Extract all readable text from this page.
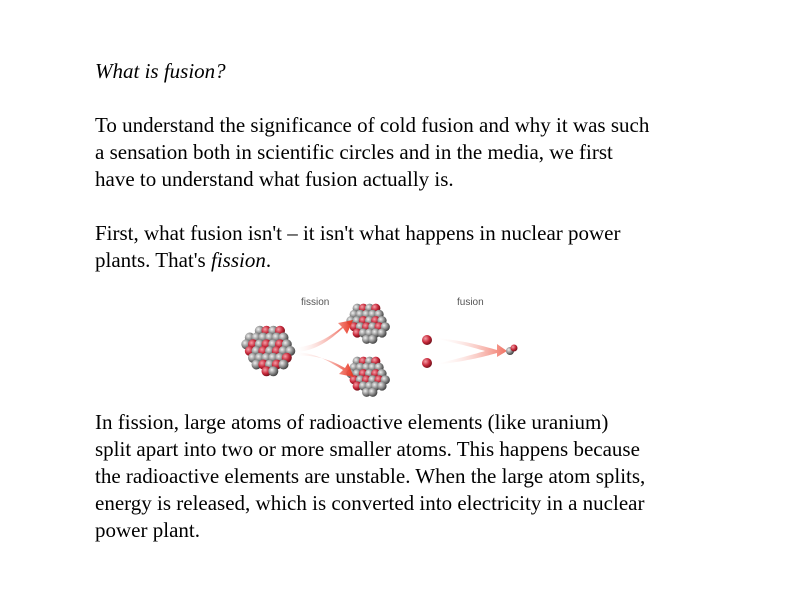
What is fusion?
To understand the significance of cold fusion and why it was such
a sensation both in scientific circles and in the media, we first
have to understand what fusion actually is.
First, what fusion isn't – it isn't what happens in nuclear power
plants. That's fission.
fission	fusion
In fission, large atoms of radioactive elements (like uranium)
split apart into two or more smaller atoms. This happens because
the radioactive elements are unstable. When the large atom splits,
energy is released, which is converted into electricity in a nuclear
power plant.
